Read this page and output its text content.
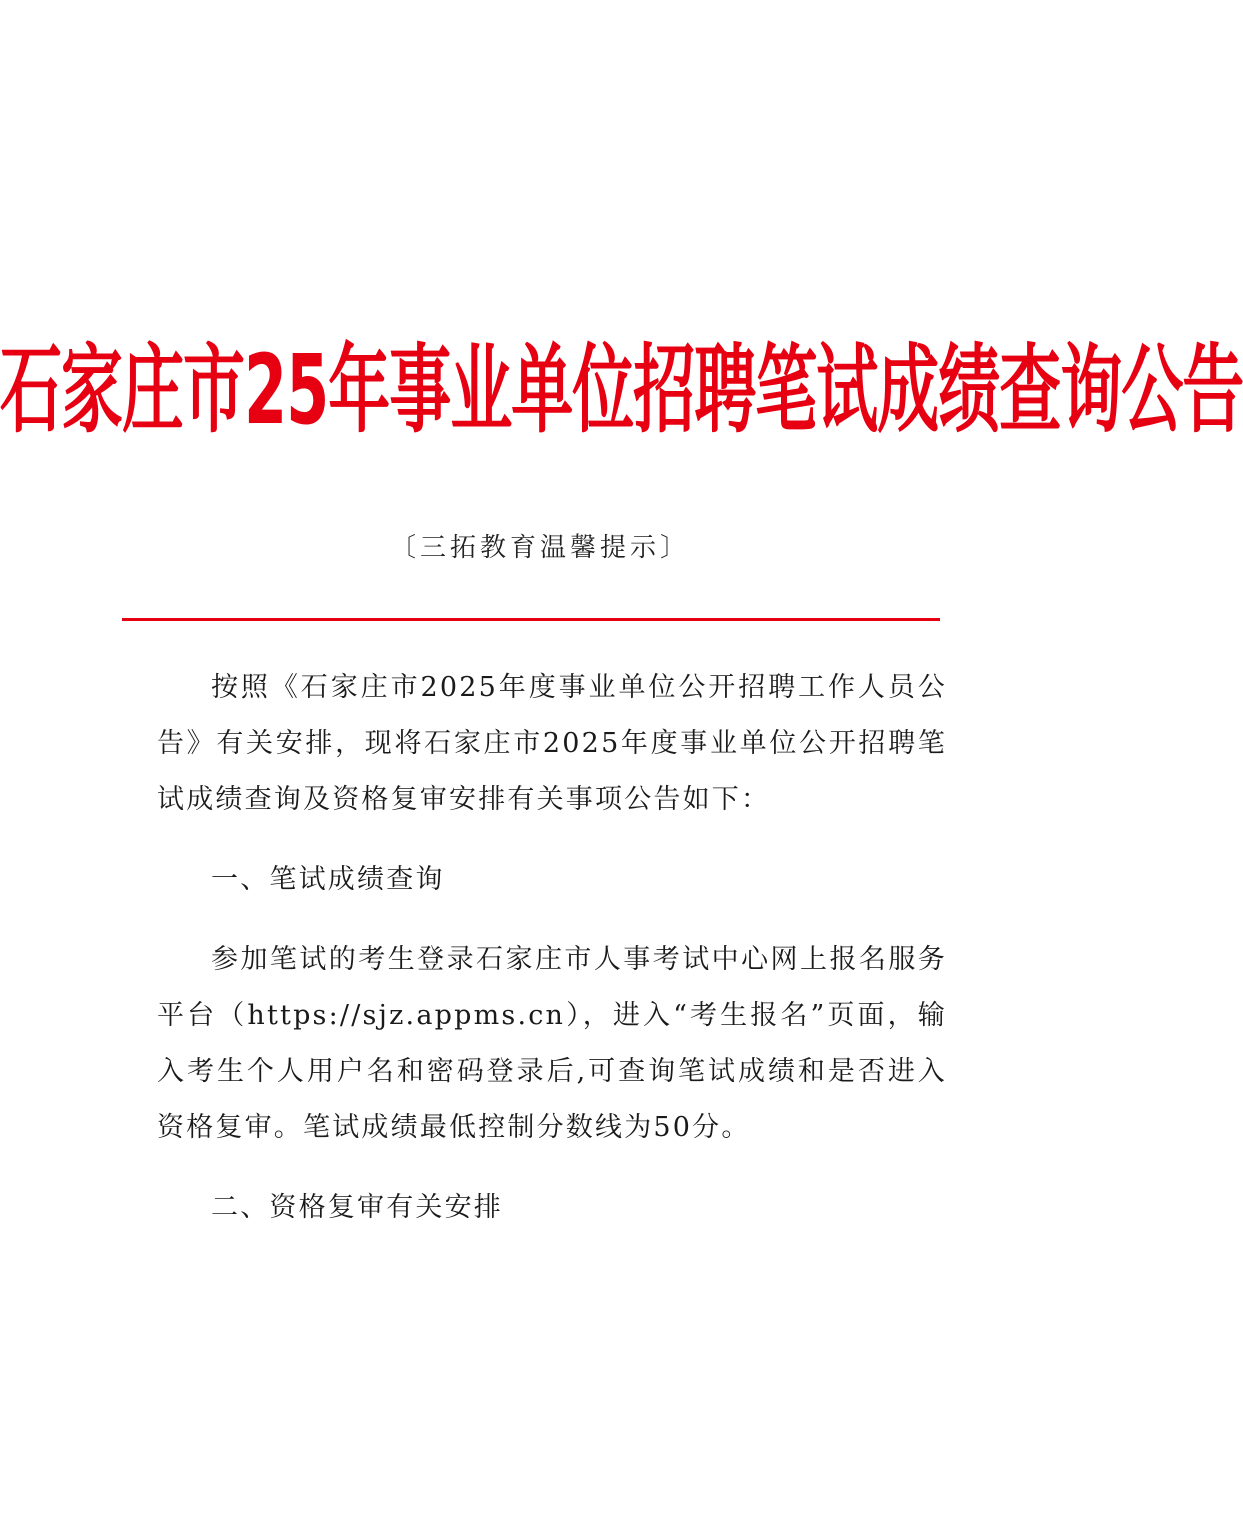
石家庄市25年事业单位招聘笔试成绩查询公告
〔三拓教育温馨提示〕

按照《石家庄市2025年度事业单位公开招聘工作人员公告》有关安排，现将石家庄市2025年度事业单位公开招聘笔试成绩查询及资格复审安排有关事项公告如下：

一、笔试成绩查询

参加笔试的考生登录石家庄市人事考试中心网上报名服务平台（https://sjz.appms.cn），进入“考生报名”页面，输入考生个人用户名和密码登录后,可查询笔试成绩和是否进入资格复审。笔试成绩最低控制分数线为50分。

二、资格复审有关安排
